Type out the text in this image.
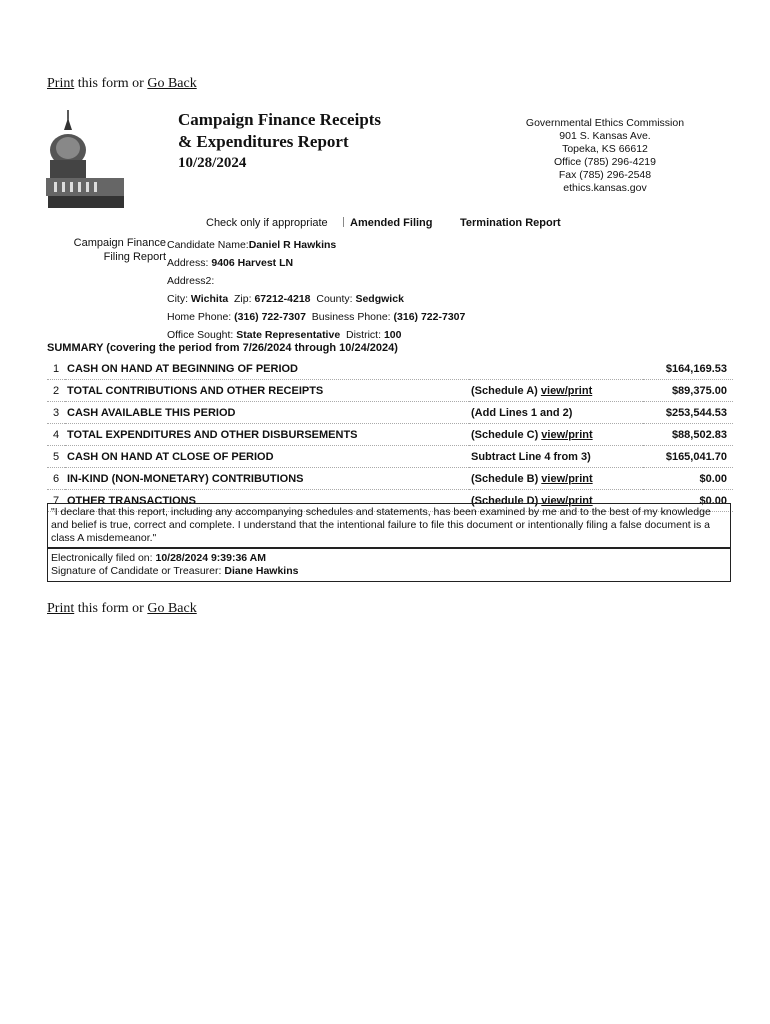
Print this form or Go Back
Campaign Finance Receipts
& Expenditures Report
10/28/2024
Governmental Ethics Commission
901 S. Kansas Ave.
Topeka, KS 66612
Office (785) 296-4219
Fax (785) 296-2548
ethics.kansas.gov
Check only if appropriate	Amended Filing	Termination Report
Campaign Finance
Filing Report
Candidate Name:Daniel R Hawkins
Address: 9406 Harvest LN
Address2:
City: Wichita Zip: 67212-4218 County: Sedgwick
Home Phone: (316) 722-7307 Business Phone: (316) 722-7307
Office Sought: State Representative District: 100
SUMMARY (covering the period from 7/26/2024 through 10/24/2024)
1	CASH ON HAND AT BEGINNING OF PERIOD		$164,169.53
2	TOTAL CONTRIBUTIONS AND OTHER RECEIPTS	(Schedule A) view/print	$89,375.00
3	CASH AVAILABLE THIS PERIOD	(Add Lines 1 and 2)	$253,544.53
4	TOTAL EXPENDITURES AND OTHER DISBURSEMENTS	(Schedule C) view/print	$88,502.83
5	CASH ON HAND AT CLOSE OF PERIOD	Subtract Line 4 from 3)	$165,041.70
6	IN-KIND (NON-MONETARY) CONTRIBUTIONS	(Schedule B) view/print	$0.00
7	OTHER TRANSACTIONS	(Schedule D) view/print	$0.00
"I declare that this report, including any accompanying schedules and statements, has been examined by me and to the best of my knowledge and belief is true, correct and complete. I understand that the intentional failure to file this document or intentionally filing a false document is a class A misdemeanor."
Electronically filed on: 10/28/2024 9:39:36 AM
Signature of Candidate or Treasurer: Diane Hawkins
Print this form or Go Back
